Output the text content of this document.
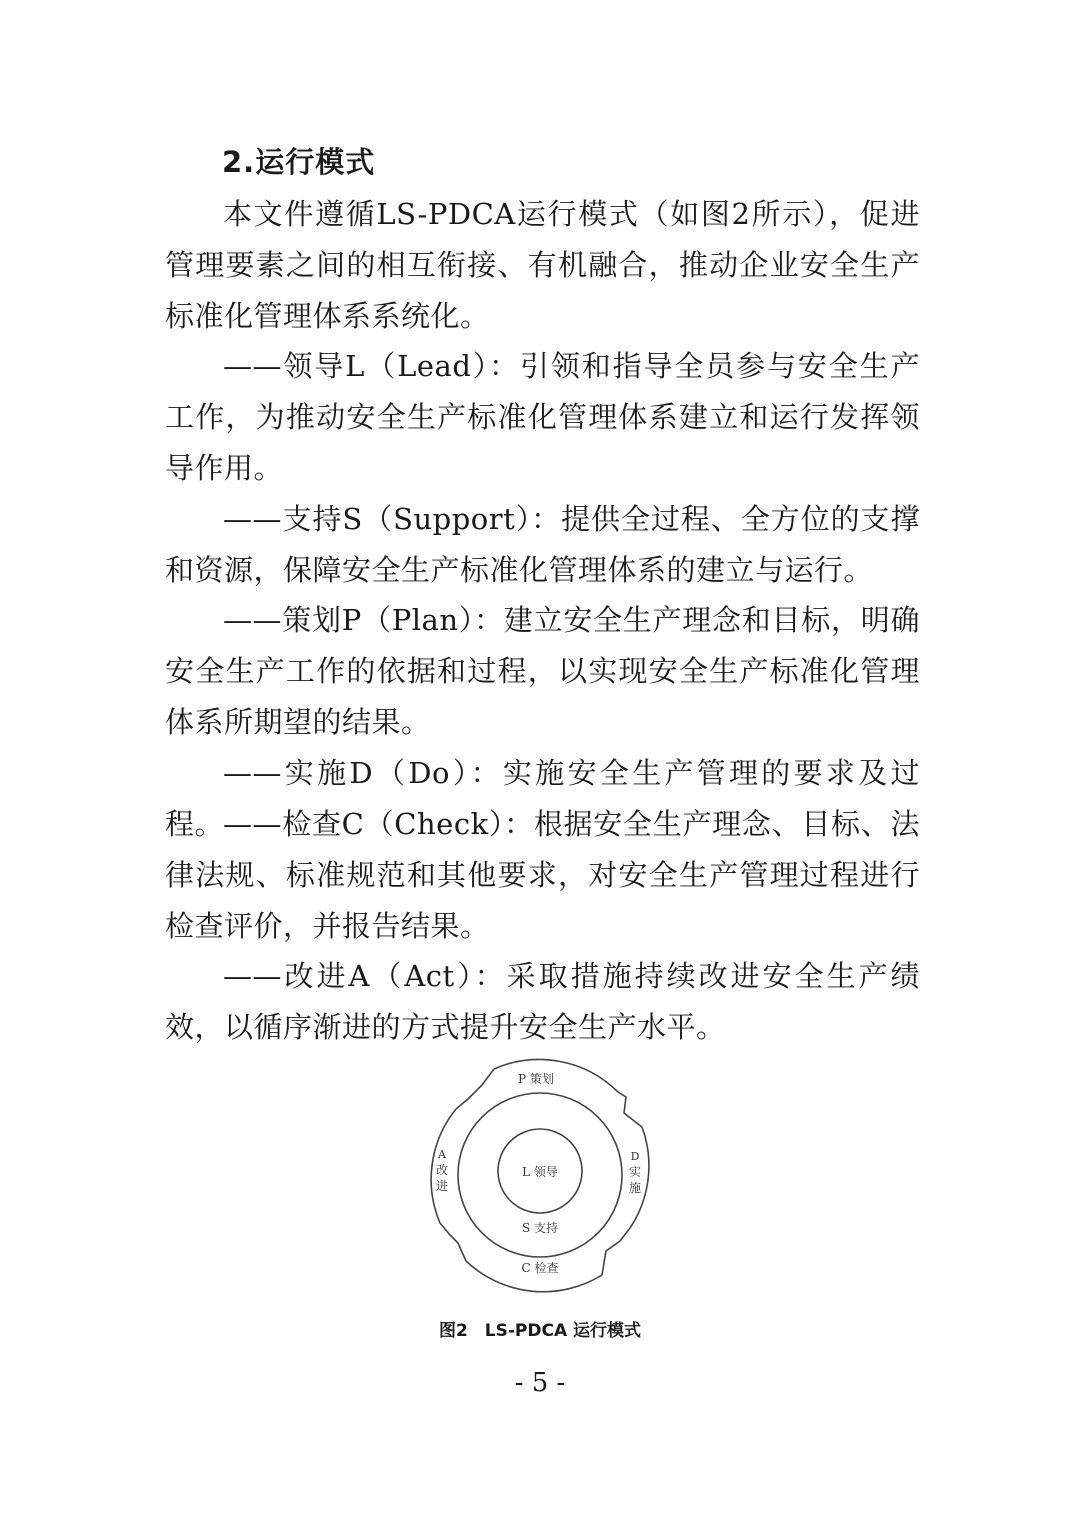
2.运行模式

本文件遵循LS-PDCA运行模式（如图2所示），促进管理要素之间的相互衔接、有机融合，推动企业安全生产标准化管理体系系统化。

——领导L（Lead）：引领和指导全员参与安全生产工作，为推动安全生产标准化管理体系建立和运行发挥领导作用。

——支持S（Support）：提供全过程、全方位的支撑和资源，保障安全生产标准化管理体系的建立与运行。

——策划P（Plan）：建立安全生产理念和目标，明确安全生产工作的依据和过程，以实现安全生产标准化管理体系所期望的结果。

——实施D（Do）：实施安全生产管理的要求及过程。

——检查C（Check）：根据安全生产理念、目标、法律法规、标准规范和其他要求，对安全生产管理过程进行检查评价，并报告结果。

——改进A（Act）：采取措施持续改进安全生产绩效，以循序渐进的方式提升安全生产水平。

P 策划
D
实
施
C 检查
A
改
进
L 领导
S 支持
图2　LS-PDCA 运行模式
- 5 -
